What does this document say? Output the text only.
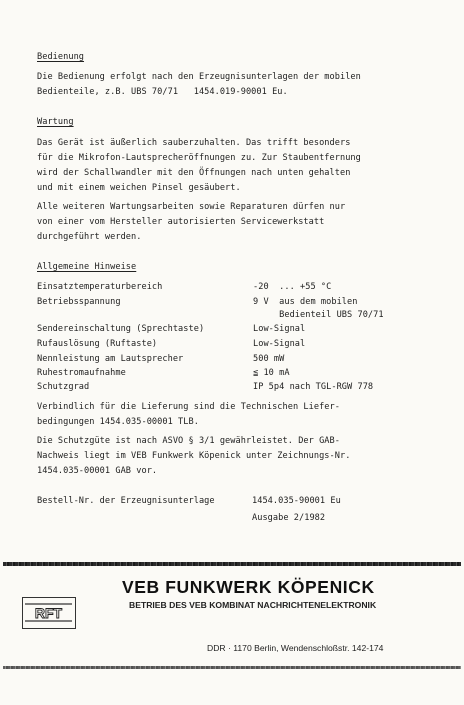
Bedienung
Die Bedienung erfolgt nach den Erzeugnisunterlagen der mobilen
Bedienteile, z.B. UBS 70/71   1454.019-90001 Eu.
Wartung
Das Gerät ist äußerlich sauberzuhalten. Das trifft besonders
für die Mikrofon-Lautsprecheröffnungen zu. Zur Staubentfernung
wird der Schallwandler mit den Öffnungen nach unten gehalten
und mit einem weichen Pinsel gesäubert.
Alle weiteren Wartungsarbeiten sowie Reparaturen dürfen nur
von einer vom Hersteller autorisierten Servicewerkstatt
durchgeführt werden.
Allgemeine Hinweise
Einsatztemperaturbereich	-20  ... +55 °C
Betriebsspannung	9 V  aus dem mobilen
Bedienteil UBS 70/71
Sendereinschaltung (Sprechtaste)	Low-Signal
Rufauslösung (Ruftaste)	Low-Signal
Nennleistung am Lautsprecher	500 mW
Ruhestromaufnahme	≦ 10 mA
Schutzgrad	IP 5p4 nach TGL-RGW 778
Verbindlich für die Lieferung sind die Technischen Liefer-
bedingungen 1454.035-00001 TLB.
Die Schutzgüte ist nach ASVO § 3/1 gewährleistet. Der GAB-
Nachweis liegt im VEB Funkwerk Köpenick unter Zeichnungs-Nr.
1454.035-00001 GAB vor.
Bestell-Nr. der Erzeugnisunterlage	1454.035-90001 Eu
Ausgabe 2/1982
RFT
VEB FUNKWERK KÖPENICK
BETRIEB DES VEB KOMBINAT NACHRICHTENELEKTRONIK
DDR · 1170 Berlin, Wendenschloßstr. 142-174
